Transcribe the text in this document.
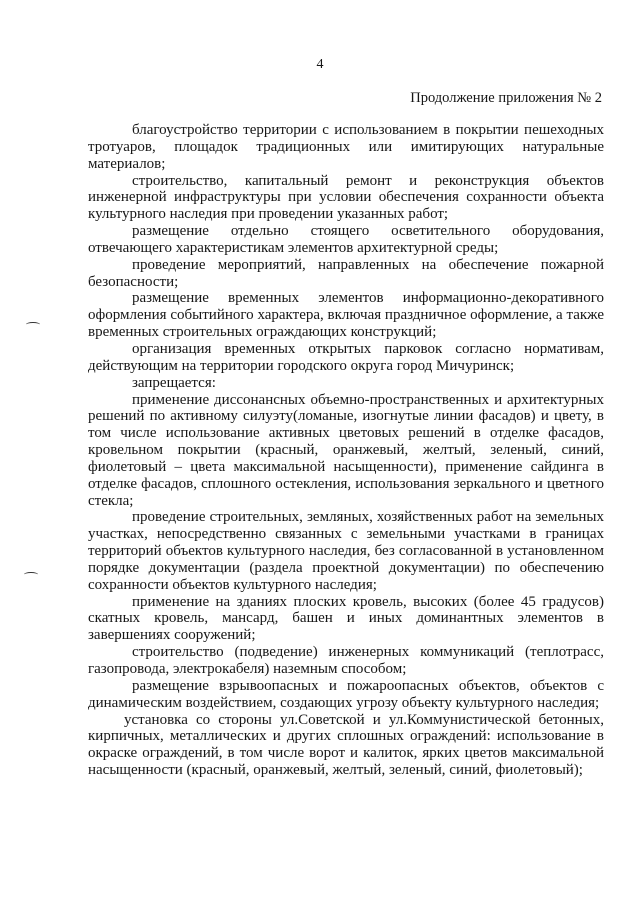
4
Продолжение приложения № 2

благоустройство территории с использованием в покрытии пешеходных тротуаров, площадок традиционных или имитирующих натуральные материалов;

строительство, капитальный ремонт и реконструкция объектов инженерной инфраструктуры при условии обеспечения сохранности объекта культурного наследия при проведении указанных работ;

размещение отдельно стоящего осветительного оборудования, отвечающего характеристикам элементов архитектурной среды;

проведение мероприятий, направленных на обеспечение пожарной безопасности;

размещение временных элементов информационно-декоративного оформления событийного характера, включая праздничное оформление, а также временных строительных ограждающих конструкций;

организация временных открытых парковок согласно нормативам, действующим на территории городского округа город Мичуринск;

запрещается:

применение диссонансных объемно-пространственных и архитектурных решений по активному силуэту(ломаные, изогнутые линии фасадов) и цвету, в том числе использование активных цветовых решений в отделке фасадов, кровельном покрытии (красный, оранжевый, желтый, зеленый, синий, фиолетовый – цвета максимальной насыщенности), применение сайдинга в отделке фасадов, сплошного остекления, использования зеркального и цветного стекла;

проведение строительных, земляных, хозяйственных работ на земельных участках, непосредственно связанных с земельными участками в границах территорий объектов культурного наследия, без согласованной в установленном порядке документации (раздела проектной документации) по обеспечению сохранности объектов культурного наследия;

применение на зданиях плоских кровель, высоких (более 45 градусов) скатных кровель, мансард, башен и иных доминантных элементов в завершениях сооружений;

строительство (подведение) инженерных коммуникаций (теплотрасс, газопровода, электрокабеля) наземным способом;

размещение взрывоопасных и пожароопасных объектов, объектов с динамическим воздействием, создающих угрозу объекту культурного наследия;

установка со стороны ул.Советской и ул.Коммунистической бетонных, кирпичных, металлических и других сплошных ограждений: использование в окраске ограждений, в том числе ворот и калиток, ярких цветов максимальной насыщенности (красный, оранжевый, желтый, зеленый, синий, фиолетовый);
